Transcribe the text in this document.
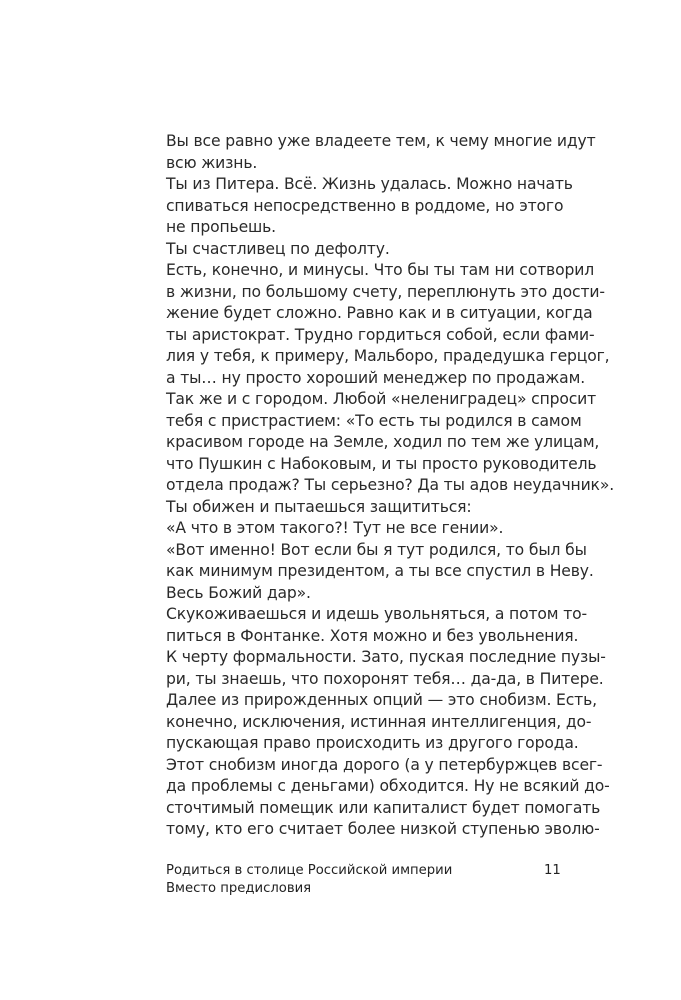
Вы все равно уже владеете тем, к чему многие идут
всю жизнь.
Ты из Питера. Всё. Жизнь удалась. Можно начать
спиваться непосредственно в роддоме, но этого
не пропьешь.
Ты счастливец по дефолту.
Есть, конечно, и минусы. Что бы ты там ни сотворил
в жизни, по большому счету, переплюнуть это дости-
жение будет сложно. Равно как и в ситуации, когда
ты аристократ. Трудно гордиться собой, если фами-
лия у тебя, к примеру, Мальборо, прадедушка герцог,
а ты… ну просто хороший менеджер по продажам.
Так же и с городом. Любой «нелениградец» спросит
тебя с пристрастием: «То есть ты родился в самом
красивом городе на Земле, ходил по тем же улицам,
что Пушкин с Набоковым, и ты просто руководитель
отдела продаж? Ты серьезно? Да ты адов неудачник».
Ты обижен и пытаешься защититься:
«А что в этом такого?! Тут не все гении».
«Вот именно! Вот если бы я тут родился, то был бы
как минимум президентом, а ты все спустил в Неву.
Весь Божий дар».
Скукоживаешься и идешь увольняться, а потом то-
питься в Фонтанке. Хотя можно и без увольнения.
К черту формальности. Зато, пуская последние пузы-
ри, ты знаешь, что похоронят тебя… да-да, в Питере.
Далее из прирожденных опций — это снобизм. Есть,
конечно, исключения, истинная интеллигенция, до-
пускающая право происходить из другого города.
Этот снобизм иногда дорого (а у петербуржцев всег-
да проблемы с деньгами) обходится. Ну не всякий до-
сточтимый помещик или капиталист будет помогать
тому, кто его считает более низкой ступенью эволю-
Родиться в столице Российской империи
Вместо предисловия
11
